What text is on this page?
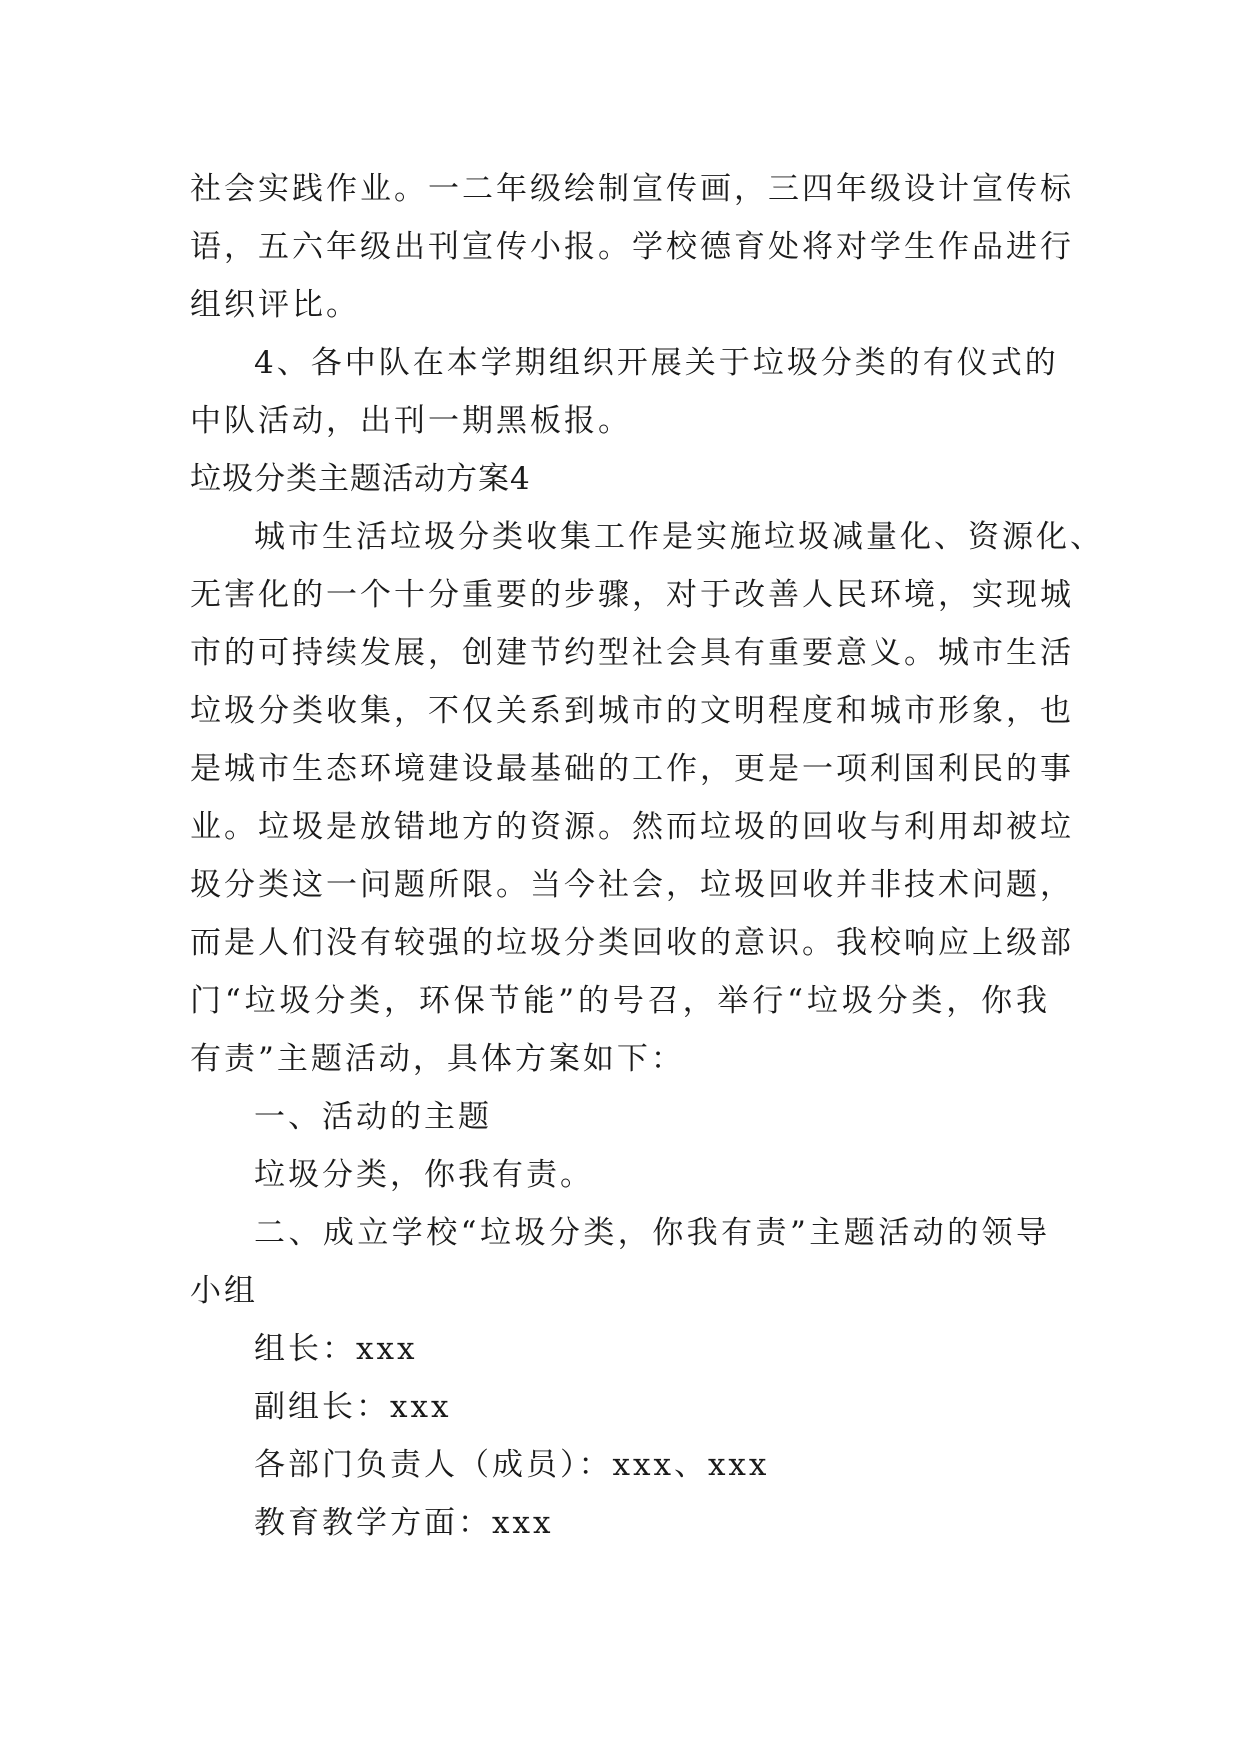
社会实践作业。一二年级绘制宣传画，三四年级设计宣传标
语，五六年级出刊宣传小报。学校德育处将对学生作品进行
组织评比。
4、各中队在本学期组织开展关于垃圾分类的有仪式的
中队活动，出刊一期黑板报。
垃圾分类主题活动方案4
城市生活垃圾分类收集工作是实施垃圾减量化、资源化、
无害化的一个十分重要的步骤，对于改善人民环境，实现城
市的可持续发展，创建节约型社会具有重要意义。城市生活
垃圾分类收集，不仅关系到城市的文明程度和城市形象，也
是城市生态环境建设最基础的工作，更是一项利国利民的事
业。垃圾是放错地方的资源。然而垃圾的回收与利用却被垃
圾分类这一问题所限。当今社会，垃圾回收并非技术问题，
而是人们没有较强的垃圾分类回收的意识。我校响应上级部
门“垃圾分类，环保节能”的号召，举行“垃圾分类，你我
有责”主题活动，具体方案如下：
一、活动的主题
垃圾分类，你我有责。
二、成立学校“垃圾分类，你我有责”主题活动的领导
小组
组长：xxx
副组长：xxx
各部门负责人（成员）：xxx、xxx
教育教学方面：xxx
